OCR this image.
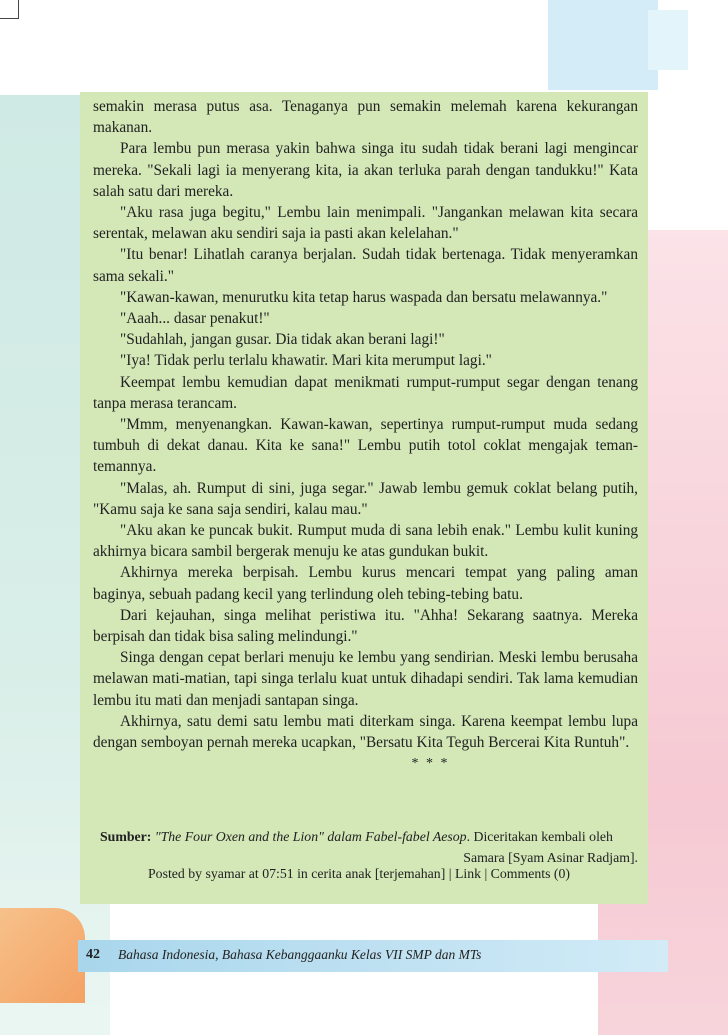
semakin merasa putus asa. Tenaganya pun semakin melemah karena kekurangan makanan.

Para lembu pun merasa yakin bahwa singa itu sudah tidak berani lagi mengincar mereka. "Sekali lagi ia menyerang kita, ia akan terluka parah dengan tandukku!" Kata salah satu dari mereka.

"Aku rasa juga begitu," Lembu lain menimpali. "Jangankan melawan kita secara serentak, melawan aku sendiri saja ia pasti akan kelelahan."

"Itu benar! Lihatlah caranya berjalan. Sudah tidak bertenaga. Tidak menyeramkan sama sekali."

"Kawan-kawan, menurutku kita tetap harus waspada dan bersatu melawannya."

"Aaah... dasar penakut!"

"Sudahlah, jangan gusar. Dia tidak akan berani lagi!"

"Iya! Tidak perlu terlalu khawatir. Mari kita merumput lagi."

Keempat lembu kemudian dapat menikmati rumput-rumput segar dengan tenang tanpa merasa terancam.

"Mmm, menyenangkan. Kawan-kawan, sepertinya rumput-rumput muda sedang tumbuh di dekat danau. Kita ke sana!" Lembu putih totol coklat mengajak teman-temannya.

"Malas, ah. Rumput di sini, juga segar." Jawab lembu gemuk coklat belang putih, "Kamu saja ke sana saja sendiri, kalau mau."

"Aku akan ke puncak bukit. Rumput muda di sana lebih enak." Lembu kulit kuning akhirnya bicara sambil bergerak menuju ke atas gundukan bukit.

Akhirnya mereka berpisah. Lembu kurus mencari tempat yang paling aman baginya, sebuah padang kecil yang terlindung oleh tebing-tebing batu.

Dari kejauhan, singa melihat peristiwa itu. "Ahha! Sekarang saatnya. Mereka berpisah dan tidak bisa saling melindungi."

Singa dengan cepat berlari menuju ke lembu yang sendirian. Meski lembu berusaha melawan mati-matian, tapi singa terlalu kuat untuk dihadapi sendiri. Tak lama kemudian lembu itu mati dan menjadi santapan singa.

Akhirnya, satu demi satu lembu mati diterkam singa. Karena keempat lembu lupa dengan semboyan pernah mereka ucapkan, "Bersatu Kita Teguh Bercerai Kita Runtuh".

* * *
Sumber: "The Four Oxen and the Lion" dalam Fabel-fabel Aesop. Diceritakan kembali oleh
Samara [Syam Asinar Radjam].
Posted by syamar at 07:51 in cerita anak [terjemahan] | Link | Comments (0)
42 Bahasa Indonesia, Bahasa Kebanggaanku Kelas VII SMP dan MTs
